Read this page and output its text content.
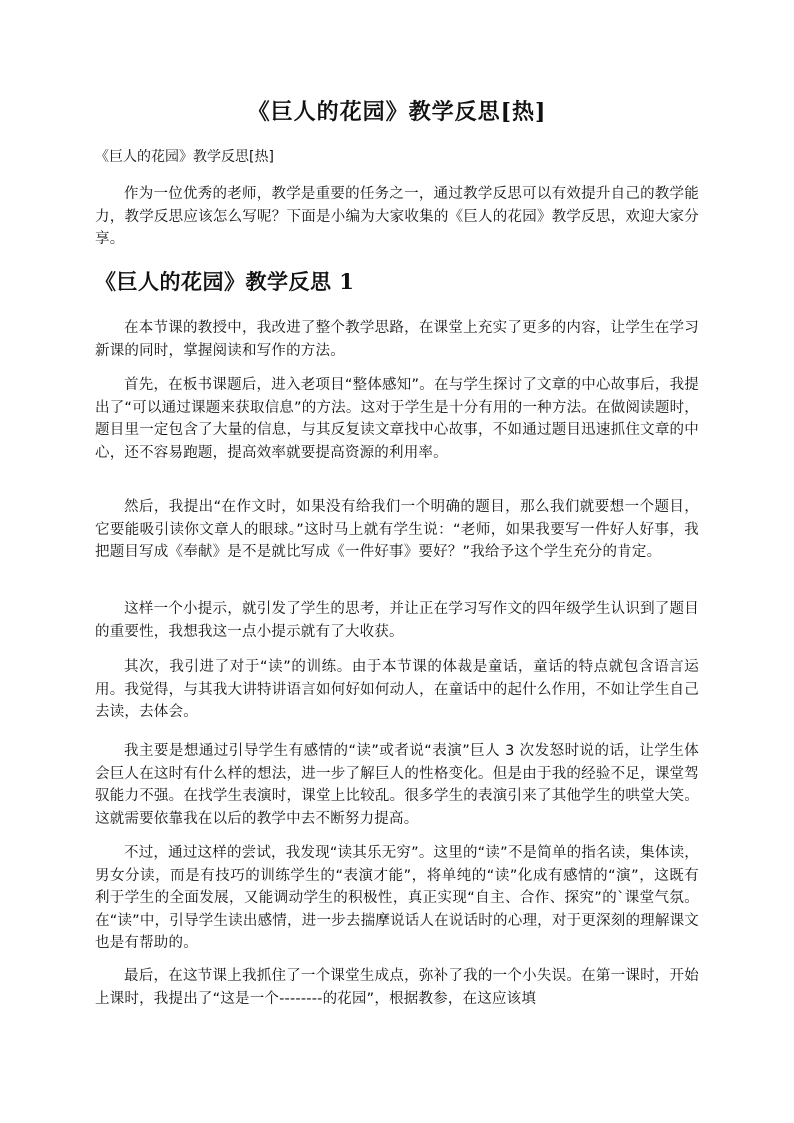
《巨人的花园》教学反思[热]

《巨人的花园》教学反思[热]

作为一位优秀的老师，教学是重要的任务之一，通过教学反思可以有效提升自己的教学能力，教学反思应该怎么写呢？下面是小编为大家收集的《巨人的花园》教学反思，欢迎大家分享。

《巨人的花园》教学反思 1

在本节课的教授中，我改进了整个教学思路，在课堂上充实了更多的内容，让学生在学习新课的同时，掌握阅读和写作的方法。

首先，在板书课题后，进入老项目“整体感知”。在与学生探讨了文章的中心故事后，我提出了“可以通过课题来获取信息”的方法。这对于学生是十分有用的一种方法。在做阅读题时，题目里一定包含了大量的信息，与其反复读文章找中心故事，不如通过题目迅速抓住文章的中心，还不容易跑题，提高效率就要提高资源的利用率。

然后，我提出“在作文时，如果没有给我们一个明确的题目，那么我们就要想一个题目，它要能吸引读你文章人的眼球。”这时马上就有学生说：“老师，如果我要写一件好人好事，我把题目写成《奉献》是不是就比写成《一件好事》要好？”我给予这个学生充分的肯定。

这样一个小提示，就引发了学生的思考，并让正在学习写作文的四年级学生认识到了题目的重要性，我想我这一点小提示就有了大收获。

其次，我引进了对于“读”的训练。由于本节课的体裁是童话，童话的特点就包含语言运用。我觉得，与其我大讲特讲语言如何好如何动人，在童话中的起什么作用，不如让学生自己去读，去体会。

我主要是想通过引导学生有感情的“读”或者说“表演”巨人 3 次发怒时说的话，让学生体会巨人在这时有什么样的想法，进一步了解巨人的性格变化。但是由于我的经验不足，课堂驾驭能力不强。在找学生表演时，课堂上比较乱。很多学生的表演引来了其他学生的哄堂大笑。这就需要依靠我在以后的教学中去不断努力提高。

不过，通过这样的尝试，我发现“读其乐无穷”。这里的“读”不是简单的指名读，集体读，男女分读，而是有技巧的训练学生的“表演才能”，将单纯的“读”化成有感情的“演”，这既有利于学生的全面发展，又能调动学生的积极性，真正实现“自主、合作、探究”的`课堂气氛。在“读”中，引导学生读出感情，进一步去揣摩说话人在说话时的心理，对于更深刻的理解课文也是有帮助的。

最后，在这节课上我抓住了一个课堂生成点，弥补了我的一个小失误。在第一课时，开始上课时，我提出了“这是一个--------的花园”，根据教参，在这应该填
